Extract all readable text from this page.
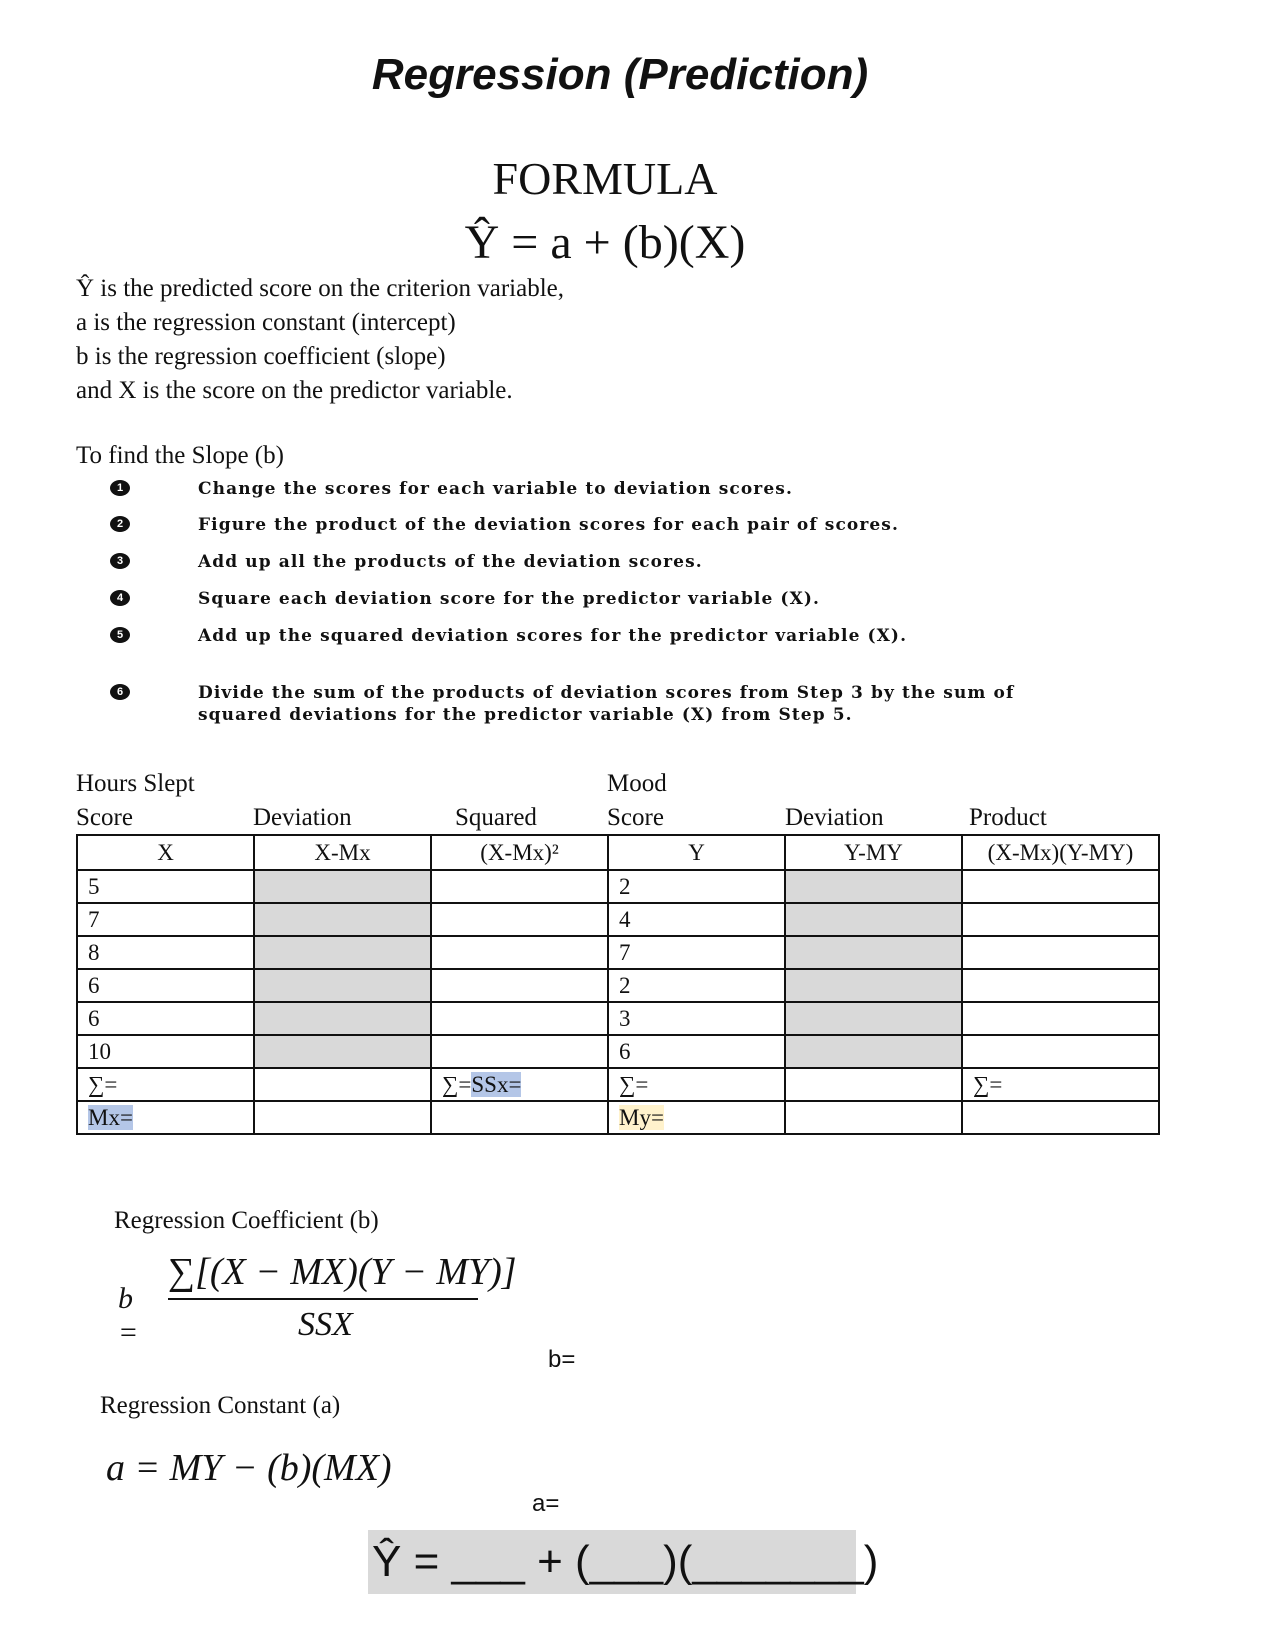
Regression (Prediction)
FORMULA
Ŷ = a + (b)(X)
Ŷ is the predicted score on the criterion variable,
a is the regression constant (intercept)
b is the regression coefficient (slope)
and X is the score on the predictor variable.
To find the Slope (b)
1	Change the scores for each variable to deviation scores.
2	Figure the product of the deviation scores for each pair of scores.
3	Add up all the products of the deviation scores.
4	Square each deviation score for the predictor variable (X).
5	Add up the squared deviation scores for the predictor variable (X).
6	Divide the sum of the products of deviation scores from Step 3 by the sum of squared deviations for the predictor variable (X) from Step 5.
Hours Slept	Mood
Score	Deviation	Squared	Score	Deviation	Product
X	X-Mx	(X-Mx)²	Y	Y-MY	(X-Mx)(Y-MY)
5			2		
7			4		
8			7		
6			2		
6			3		
10			6		
∑=		∑=SSx=	∑=		∑=
Mx=			My=		
Regression Coefficient (b)
b =
∑[(X − MX)(Y − MY)]
SSX
b=
Regression Constant (a)
a = MY − (b)(MX)
a=
Ŷ = ___ + (___)(_______)
